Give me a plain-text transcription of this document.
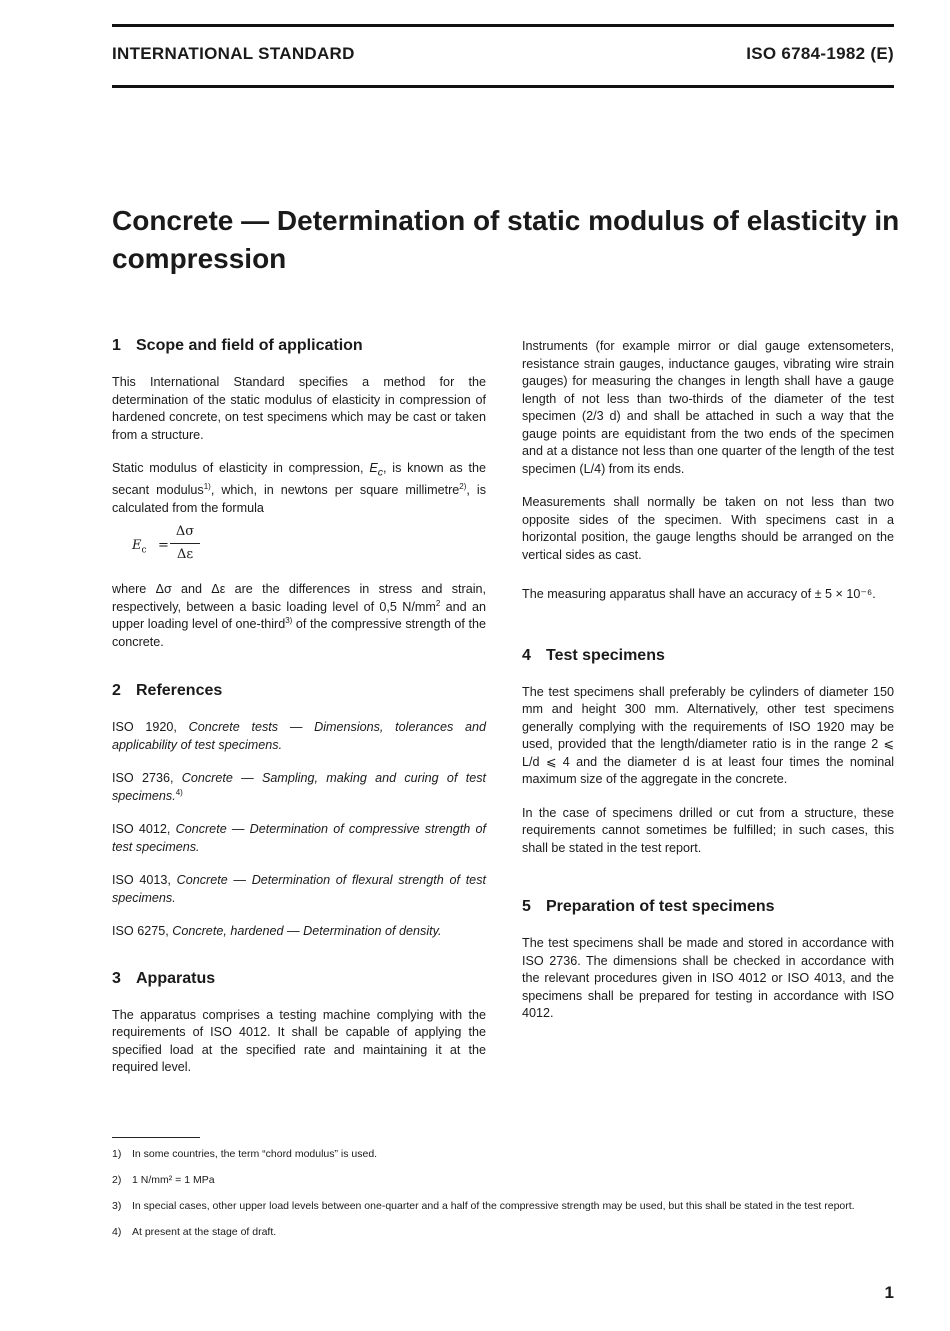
INTERNATIONAL STANDARD	ISO 6784-1982 (E)
Concrete — Determination of static modulus of elasticity in compression
1 Scope and field of application

This International Standard specifies a method for the determination of the static modulus of elasticity in compression of hardened concrete, on test specimens which may be cast or taken from a structure.

Static modulus of elasticity in compression, $E_c$, is known as the secant modulus$^{1)}$, which, in newtons per square millimetre$^{2)}$, is calculated from the formula

$E_c = \frac{\Delta\sigma}{\Delta\varepsilon}$

where Δσ and Δε are the differences in stress and strain, respectively, between a basic loading level of 0,5 $N/mm^2$ and an upper loading level of one-third$^{3)}$ of the compressive strength of the concrete.

2 References

ISO 1920, Concrete tests — Dimensions, tolerances and applicability of test specimens.

ISO 2736, Concrete — Sampling, making and curing of test specimens.$^{4)}$

ISO 4012, Concrete — Determination of compressive strength of test specimens.

ISO 4013, Concrete — Determination of flexural strength of test specimens.

ISO 6275, Concrete, hardened — Determination of density.

3 Apparatus

The apparatus comprises a testing machine complying with the requirements of ISO 4012. It shall be capable of applying the specified load at the specified rate and maintaining it at the required level.

Instruments (for example mirror or dial gauge extensometers, resistance strain gauges, inductance gauges, vibrating wire strain gauges) for measuring the changes in length shall have a gauge length of not less than two-thirds of the diameter of the test specimen (2/3 d) and shall be attached in such a way that the gauge points are equidistant from the two ends of the specimen and at a distance not less than one quarter of the length of the test specimen (L/4) from its ends.

Measurements shall normally be taken on not less than two opposite sides of the specimen. With specimens cast in a horizontal position, the gauge lengths should be arranged on the vertical sides as cast.

The measuring apparatus shall have an accuracy of ± 5 × 10⁻⁶.

4 Test specimens

The test specimens shall preferably be cylinders of diameter 150 mm and height 300 mm. Alternatively, other test specimens generally complying with the requirements of ISO 1920 may be used, provided that the length/diameter ratio is in the range 2 ⩽ L/d ⩽ 4 and the diameter d is at least four times the nominal maximum size of the aggregate in the concrete.

In the case of specimens drilled or cut from a structure, these requirements cannot sometimes be fulfilled; in such cases, this shall be stated in the test report.

5 Preparation of test specimens

The test specimens shall be made and stored in accordance with ISO 2736. The dimensions shall be checked in accordance with the relevant procedures given in ISO 4012 or ISO 4013, and the specimens shall be prepared for testing in accordance with ISO 4012.

1) In some countries, the term “chord modulus” is used.

2) 1 N/mm² = 1 MPa

3) In special cases, other upper load levels between one-quarter and a half of the compressive strength may be used, but this shall be stated in the test report.

4) At present at the stage of draft.

1
